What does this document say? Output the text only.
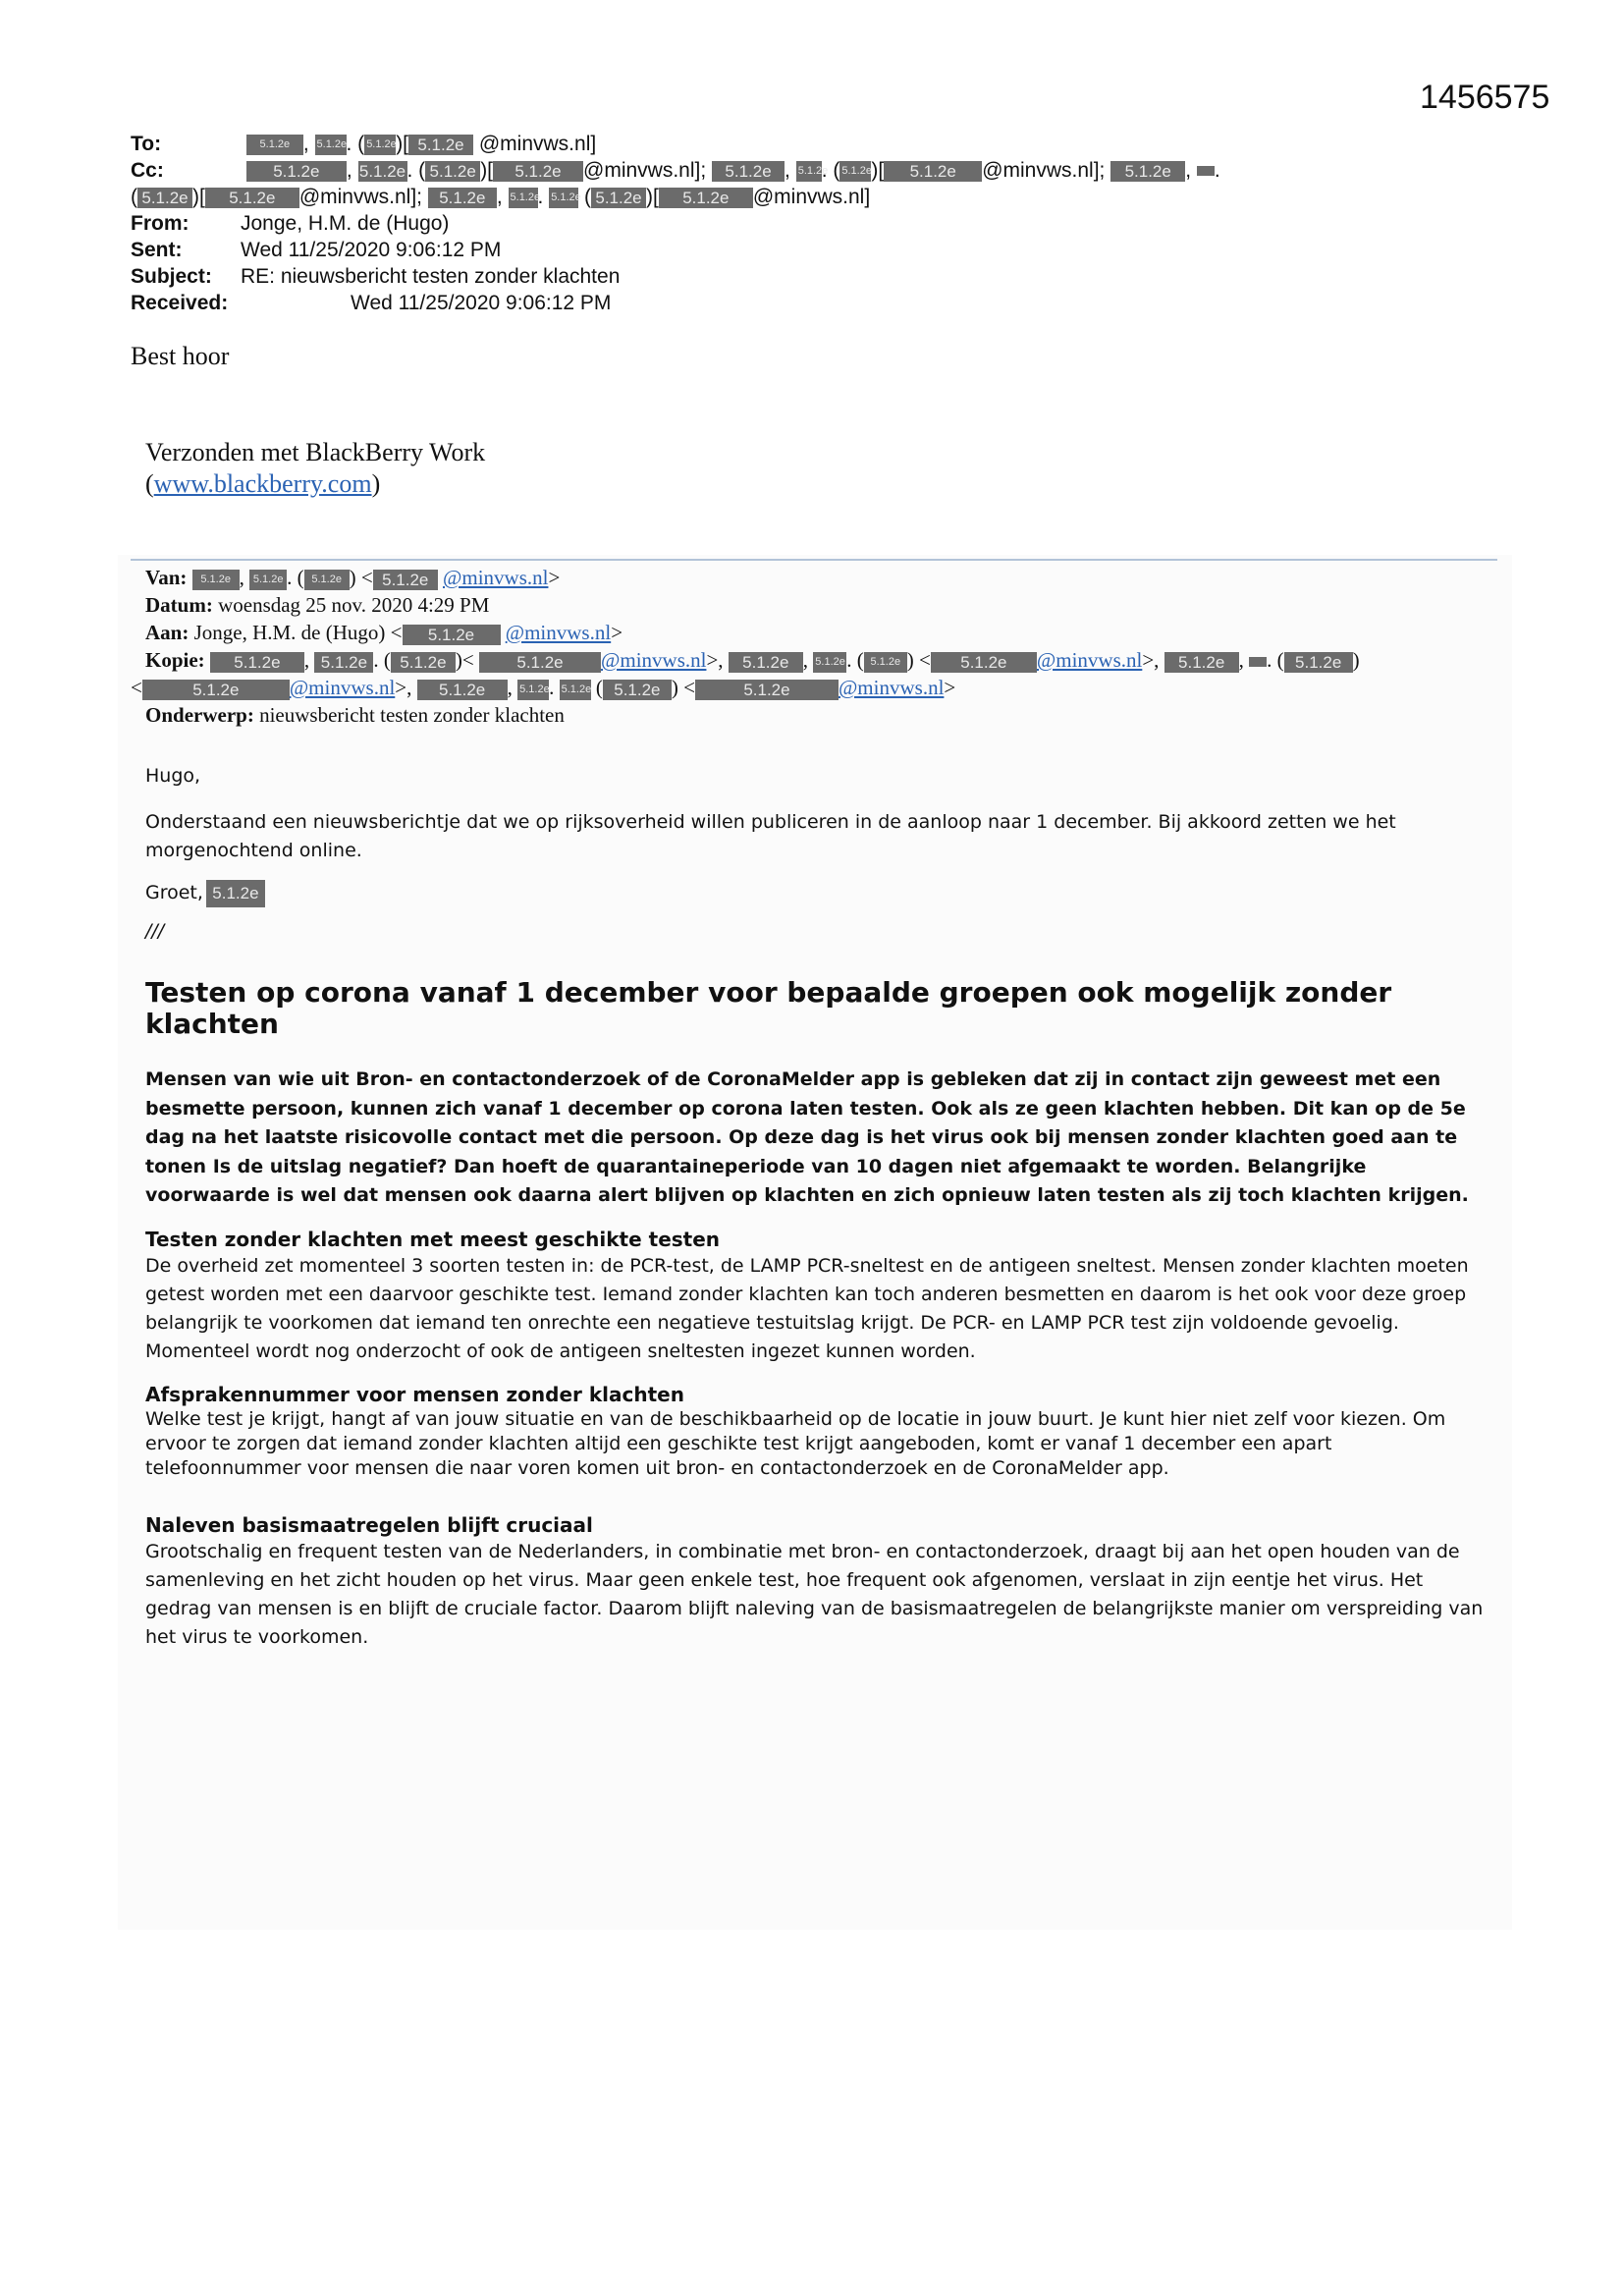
1456575
To:	5.1.2e , 5.1.2e. ( 5.1.2e)[ 5.1.2e @minvws.nl]
Cc:	5.1.2e , 5.1.2e. ( 5.1.2e )[ 5.1.2e @minvws.nl]; 5.1.2e , 5.1.2e. ( 5.1.2e)[ 5.1.2e @minvws.nl]; 5.1.2e , .
( 5.1.2e )[ 5.1.2e @minvws.nl]; 5.1.2e , 5.1.2e. 5.1.2e ( 5.1.2e )[ 5.1.2e @minvws.nl]
From:	Jonge, H.M. de (Hugo)
Sent:	Wed 11/25/2020 9:06:12 PM
Subject: RE: nieuwsbericht testen zonder klachten
Received:	Wed 11/25/2020 9:06:12 PM
Best hoor
Verzonden met BlackBerry Work
(www.blackberry.com)
Van: 5.1.2e , 5.1.2e . ( 5.1.2e ) < 5.1.2e @minvws.nl>
Datum: woensdag 25 nov. 2020 4:29 PM
Aan: Jonge, H.M. de (Hugo) < 5.1.2e @minvws.nl>
Kopie: 5.1.2e , 5.1.2e . ( 5.1.2e )< 5.1.2e @minvws.nl>, 5.1.2e , 5.1.2e. ( 5.1.2e ) < 5.1.2e @minvws.nl>, 5.1.2e , . ( 5.1.2e )
<	5.1.2e @minvws.nl>, 5.1.2e , 5.1.2e. 5.1.2e ( 5.1.2e ) <	5.1.2e @minvws.nl>
Onderwerp: nieuwsbericht testen zonder klachten

Hugo,

Onderstaand een nieuwsberichtje dat we op rijksoverheid willen publiceren in de aanloop naar 1 december. Bij akkoord zetten we het morgenochtend online.

Groet, 5.1.2e

///

Testen op corona vanaf 1 december voor bepaalde groepen ook mogelijk zonder klachten

Mensen van wie uit Bron- en contactonderzoek of de CoronaMelder app is gebleken dat zij in contact zijn geweest met een besmette persoon, kunnen zich vanaf 1 december op corona laten testen. Ook als ze geen klachten hebben. Dit kan op de 5e dag na het laatste risicovolle contact met die persoon. Op deze dag is het virus ook bij mensen zonder klachten goed aan te tonen Is de uitslag negatief? Dan hoeft de quarantaineperiode van 10 dagen niet afgemaakt te worden. Belangrijke voorwaarde is wel dat mensen ook daarna alert blijven op klachten en zich opnieuw laten testen als zij toch klachten krijgen.

Testen zonder klachten met meest geschikte testen

De overheid zet momenteel 3 soorten testen in: de PCR-test, de LAMP PCR-sneltest en de antigeen sneltest. Mensen zonder klachten moeten getest worden met een daarvoor geschikte test. Iemand zonder klachten kan toch anderen besmetten en daarom is het ook voor deze groep belangrijk te voorkomen dat iemand ten onrechte een negatieve testuitslag krijgt. De PCR- en LAMP PCR test zijn voldoende gevoelig. Momenteel wordt nog onderzocht of ook de antigeen sneltesten ingezet kunnen worden.

Afsprakennummer voor mensen zonder klachten

Welke test je krijgt, hangt af van jouw situatie en van de beschikbaarheid op de locatie in jouw buurt. Je kunt hier niet zelf voor kiezen. Om ervoor te zorgen dat iemand zonder klachten altijd een geschikte test krijgt aangeboden, komt er vanaf 1 december een apart telefoonnummer voor mensen die naar voren komen uit bron- en contactonderzoek en de CoronaMelder app.

Naleven basismaatregelen blijft cruciaal

Grootschalig en frequent testen van de Nederlanders, in combinatie met bron- en contactonderzoek, draagt bij aan het open houden van de samenleving en het zicht houden op het virus. Maar geen enkele test, hoe frequent ook afgenomen, verslaat in zijn eentje het virus. Het gedrag van mensen is en blijft de cruciale factor. Daarom blijft naleving van de basismaatregelen de belangrijkste manier om verspreiding van het virus te voorkomen.
